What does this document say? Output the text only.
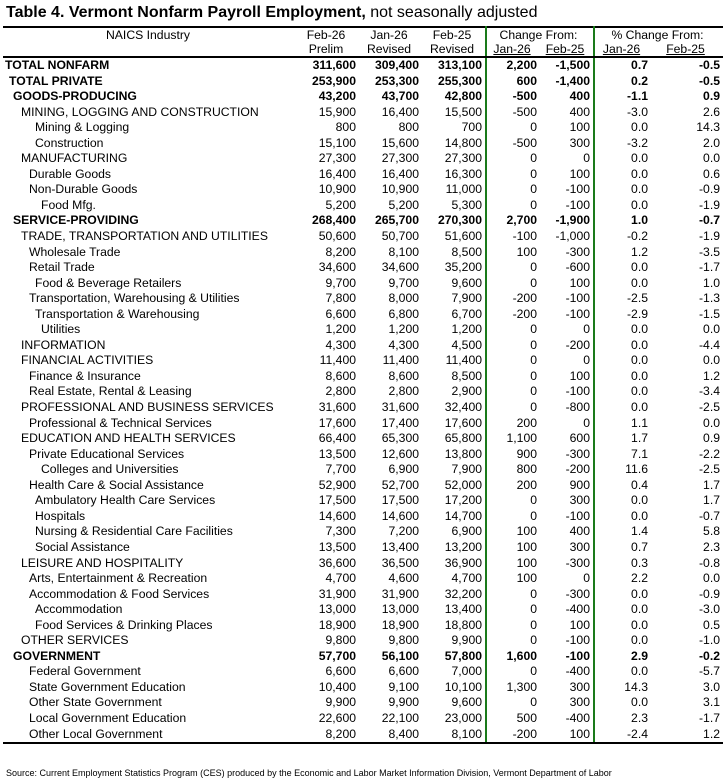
Table 4. Vermont Nonfarm Payroll Employment, not seasonally adjusted
NAICS Industry	Feb-26	Jan-26	Feb-25	Change From:		% Change From:	
	Prelim	Revised	Revised	Jan-26	Feb-25	Jan-26	Feb-25
TOTAL NONFARM	311,600	309,400	313,100	2,200	-1,500	0.7	-0.5
TOTAL PRIVATE	253,900	253,300	255,300	600	-1,400	0.2	-0.5
GOODS-PRODUCING	43,200	43,700	42,800	-500	400	-1.1	0.9
MINING, LOGGING AND CONSTRUCTION	15,900	16,400	15,500	-500	400	-3.0	2.6
Mining & Logging	800	800	700	0	100	0.0	14.3
Construction	15,100	15,600	14,800	-500	300	-3.2	2.0
MANUFACTURING	27,300	27,300	27,300	0	0	0.0	0.0
Durable Goods	16,400	16,400	16,300	0	100	0.0	0.6
Non-Durable Goods	10,900	10,900	11,000	0	-100	0.0	-0.9
Food Mfg.	5,200	5,200	5,300	0	-100	0.0	-1.9
SERVICE-PROVIDING	268,400	265,700	270,300	2,700	-1,900	1.0	-0.7
TRADE, TRANSPORTATION AND UTILITIES	50,600	50,700	51,600	-100	-1,000	-0.2	-1.9
Wholesale Trade	8,200	8,100	8,500	100	-300	1.2	-3.5
Retail Trade	34,600	34,600	35,200	0	-600	0.0	-1.7
Food & Beverage Retailers	9,700	9,700	9,600	0	100	0.0	1.0
Transportation, Warehousing & Utilities	7,800	8,000	7,900	-200	-100	-2.5	-1.3
Transportation & Warehousing	6,600	6,800	6,700	-200	-100	-2.9	-1.5
Utilities	1,200	1,200	1,200	0	0	0.0	0.0
INFORMATION	4,300	4,300	4,500	0	-200	0.0	-4.4
FINANCIAL ACTIVITIES	11,400	11,400	11,400	0	0	0.0	0.0
Finance & Insurance	8,600	8,600	8,500	0	100	0.0	1.2
Real Estate, Rental & Leasing	2,800	2,800	2,900	0	-100	0.0	-3.4
PROFESSIONAL AND BUSINESS SERVICES	31,600	31,600	32,400	0	-800	0.0	-2.5
Professional & Technical Services	17,600	17,400	17,600	200	0	1.1	0.0
EDUCATION AND HEALTH SERVICES	66,400	65,300	65,800	1,100	600	1.7	0.9
Private Educational Services	13,500	12,600	13,800	900	-300	7.1	-2.2
Colleges and Universities	7,700	6,900	7,900	800	-200	11.6	-2.5
Health Care & Social Assistance	52,900	52,700	52,000	200	900	0.4	1.7
Ambulatory Health Care Services	17,500	17,500	17,200	0	300	0.0	1.7
Hospitals	14,600	14,600	14,700	0	-100	0.0	-0.7
Nursing & Residential Care Facilities	7,300	7,200	6,900	100	400	1.4	5.8
Social Assistance	13,500	13,400	13,200	100	300	0.7	2.3
LEISURE AND HOSPITALITY	36,600	36,500	36,900	100	-300	0.3	-0.8
Arts, Entertainment & Recreation	4,700	4,600	4,700	100	0	2.2	0.0
Accommodation & Food Services	31,900	31,900	32,200	0	-300	0.0	-0.9
Accommodation	13,000	13,000	13,400	0	-400	0.0	-3.0
Food Services & Drinking Places	18,900	18,900	18,800	0	100	0.0	0.5
OTHER SERVICES	9,800	9,800	9,900	0	-100	0.0	-1.0
GOVERNMENT	57,700	56,100	57,800	1,600	-100	2.9	-0.2
Federal Government	6,600	6,600	7,000	0	-400	0.0	-5.7
State Government Education	10,400	9,100	10,100	1,300	300	14.3	3.0
Other State Government	9,900	9,900	9,600	0	300	0.0	3.1
Local Government Education	22,600	22,100	23,000	500	-400	2.3	-1.7
Other Local Government	8,200	8,400	8,100	-200	100	-2.4	1.2
Source: Current Employment Statistics Program (CES) produced by the Economic and Labor Market Information Division, Vermont Department of Labor
